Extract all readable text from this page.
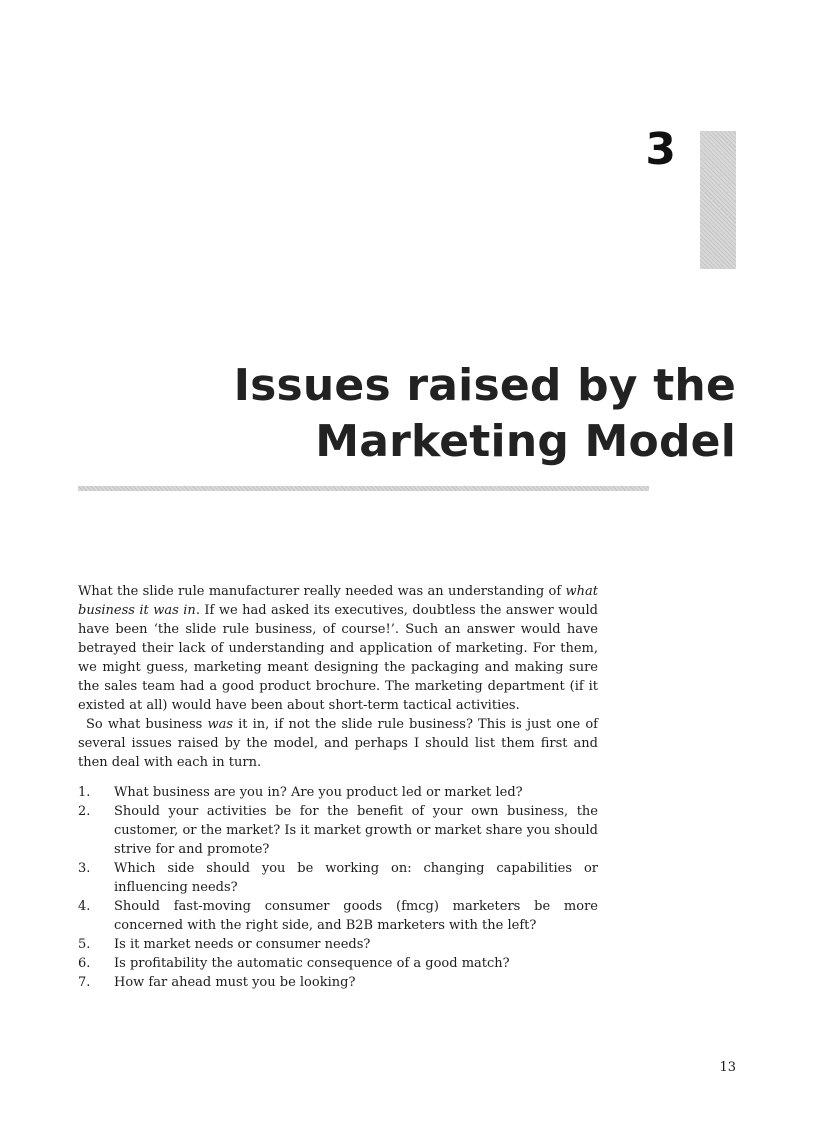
3
Issues raised by the Marketing Model

What the slide rule manufacturer really needed was an understanding of what business it was in. If we had asked its executives, doubtless the answer would have been ‘the slide rule business, of course!’. Such an answer would have betrayed their lack of understanding and application of marketing. For them, we might guess, marketing meant designing the packaging and making sure the sales team had a good product brochure. The marketing department (if it existed at all) would have been about short-term tactical activities.

So what business was it in, if not the slide rule business? This is just one of several issues raised by the model, and perhaps I should list them first and then deal with each in turn.

1.	What business are you in? Are you product led or market led?
2.	Should your activities be for the benefit of your own business, the customer, or the market? Is it market growth or market share you should strive for and promote?
3.	Which side should you be working on: changing capabilities or influencing needs?
4.	Should fast-moving consumer goods (fmcg) marketers be more concerned with the right side, and B2B marketers with the left?
5.	Is it market needs or consumer needs?
6.	Is profitability the automatic consequence of a good match?
7.	How far ahead must you be looking?
13
